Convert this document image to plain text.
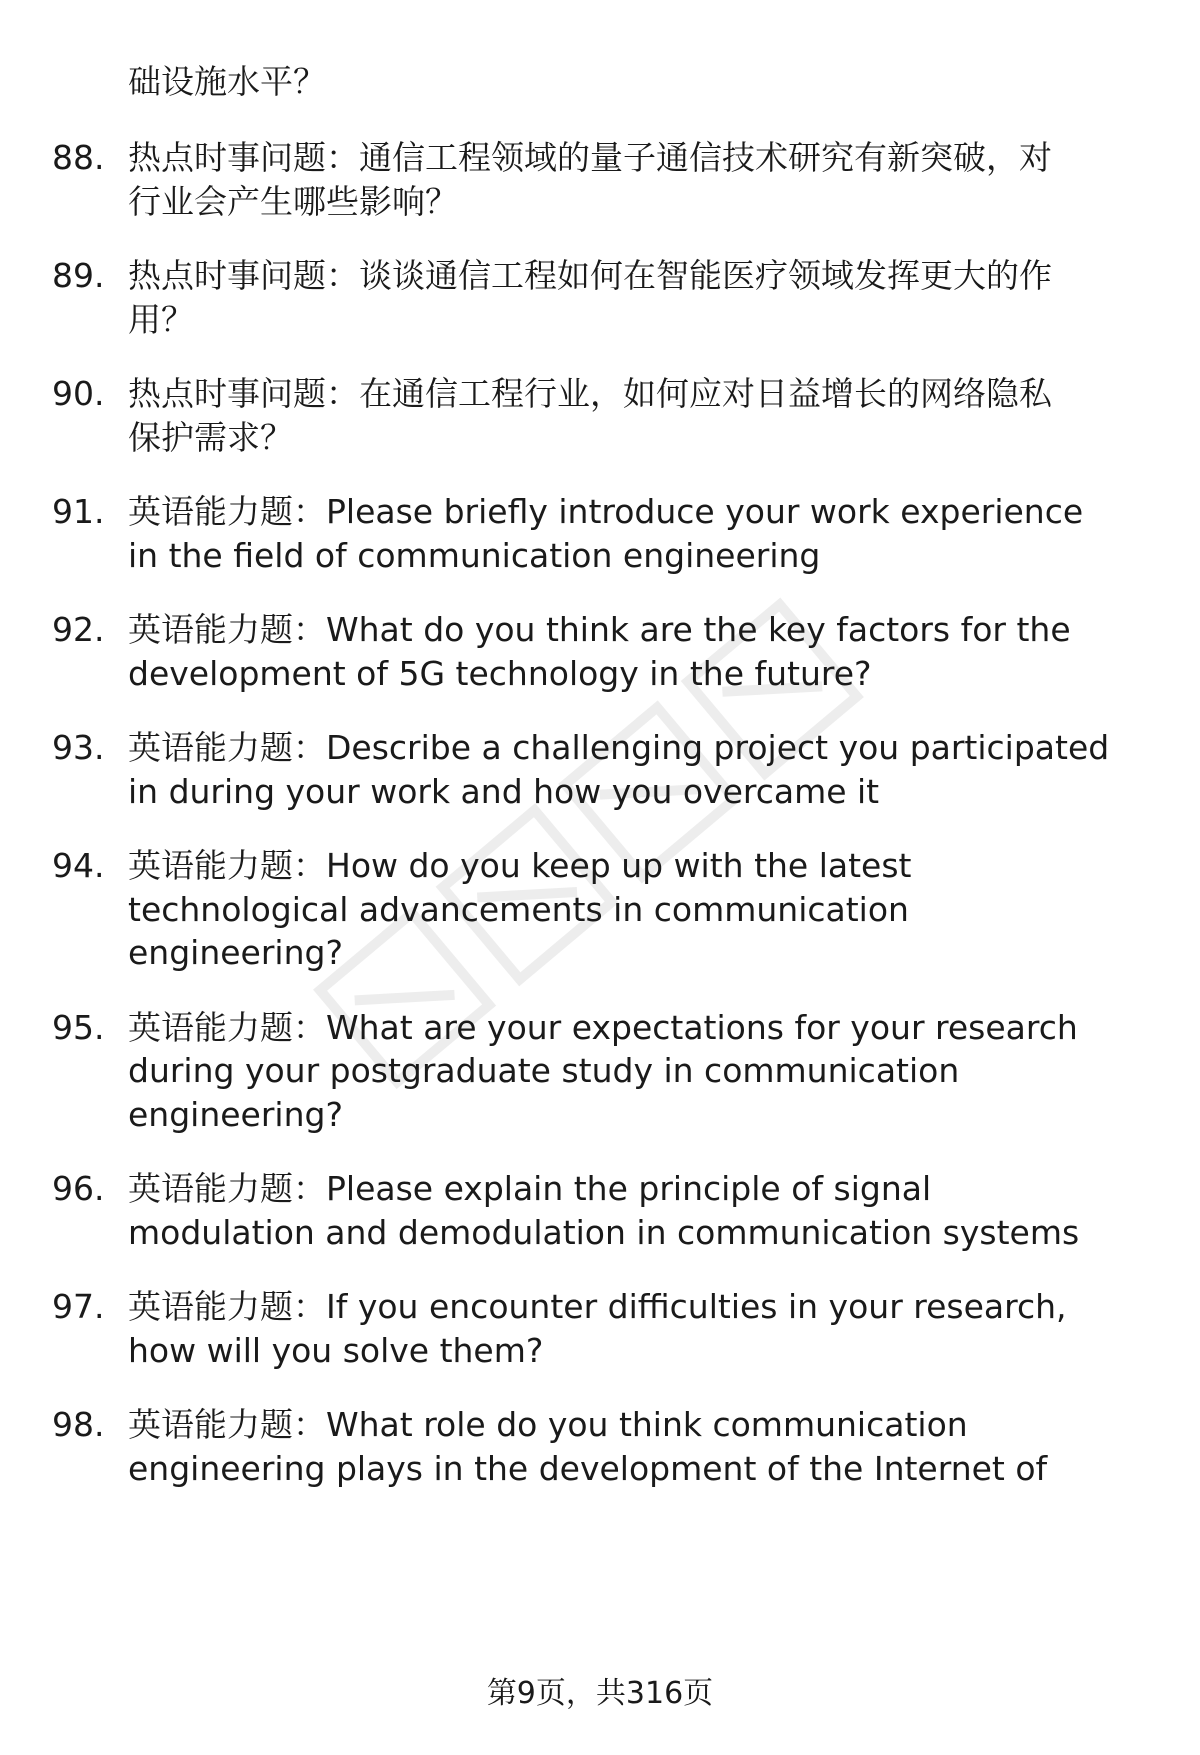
础设施水平？
88. 热点时事问题：通信工程领域的量子通信技术研究有新突破，对
行业会产生哪些影响？
89. 热点时事问题：谈谈通信工程如何在智能医疗领域发挥更大的作
用？
90. 热点时事问题：在通信工程行业，如何应对日益增长的网络隐私
保护需求？
91. 英语能力题：Please briefly introduce your work experience
in the field of communication engineering
92. 英语能力题：What do you think are the key factors for the
development of 5G technology in the future?
93. 英语能力题：Describe a challenging project you participated
in during your work and how you overcame it
94. 英语能力题：How do you keep up with the latest
technological advancements in communication
engineering?
95. 英语能力题：What are your expectations for your research
during your postgraduate study in communication
engineering?
96. 英语能力题：Please explain the principle of signal
modulation and demodulation in communication systems
97. 英语能力题：If you encounter difficulties in your research,
how will you solve them?
98. 英语能力题：What role do you think communication
engineering plays in the development of the Internet of
第9页，共316页
